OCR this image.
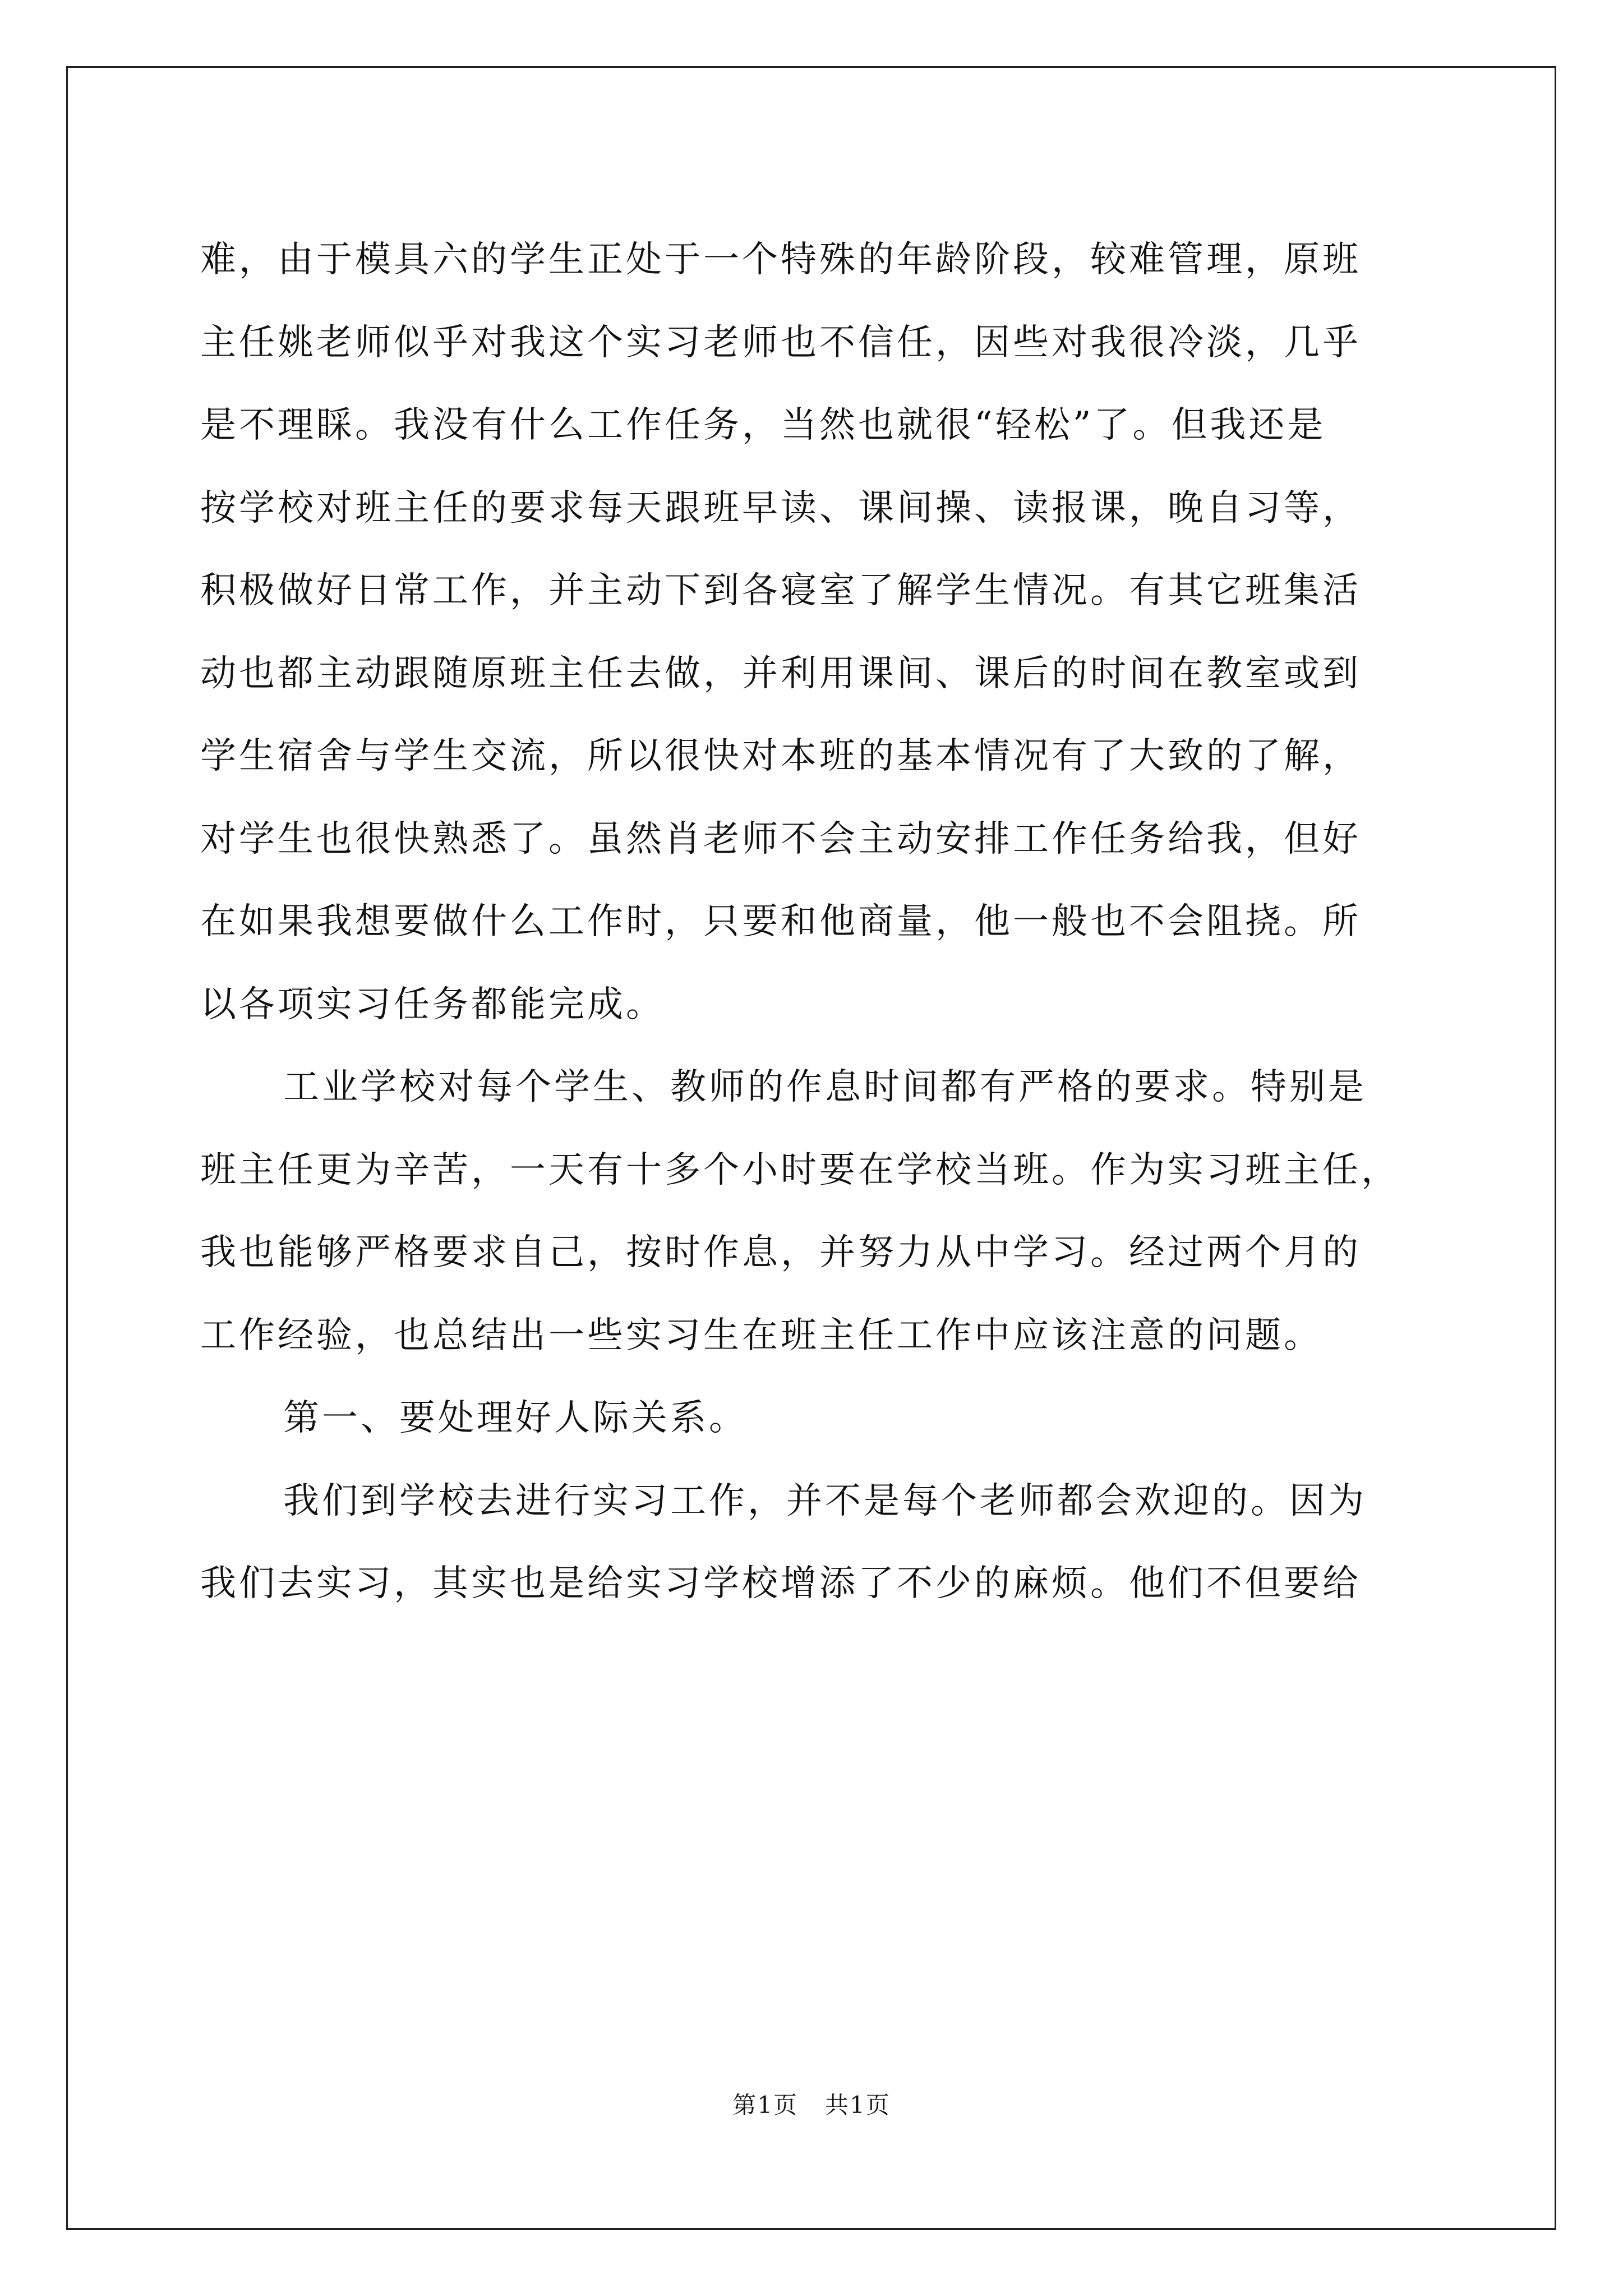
难，由于模具六的学生正处于一个特殊的年龄阶段，较难管理，原班
主任姚老师似乎对我这个实习老师也不信任，因些对我很冷淡，几乎
是不理睬。我没有什么工作任务，当然也就很“轻松”了。但我还是
按学校对班主任的要求每天跟班早读、课间操、读报课，晚自习等，
积极做好日常工作，并主动下到各寝室了解学生情况。有其它班集活
动也都主动跟随原班主任去做，并利用课间、课后的时间在教室或到
学生宿舍与学生交流，所以很快对本班的基本情况有了大致的了解，
对学生也很快熟悉了。虽然肖老师不会主动安排工作任务给我，但好
在如果我想要做什么工作时，只要和他商量，他一般也不会阻挠。所
以各项实习任务都能完成。
工业学校对每个学生、教师的作息时间都有严格的要求。特别是
班主任更为辛苦，一天有十多个小时要在学校当班。作为实习班主任，
我也能够严格要求自己，按时作息，并努力从中学习。经过两个月的
工作经验，也总结出一些实习生在班主任工作中应该注意的问题。
第一、要处理好人际关系。
我们到学校去进行实习工作，并不是每个老师都会欢迎的。因为
我们去实习，其实也是给实习学校增添了不少的麻烦。他们不但要给
第1页 共1页
